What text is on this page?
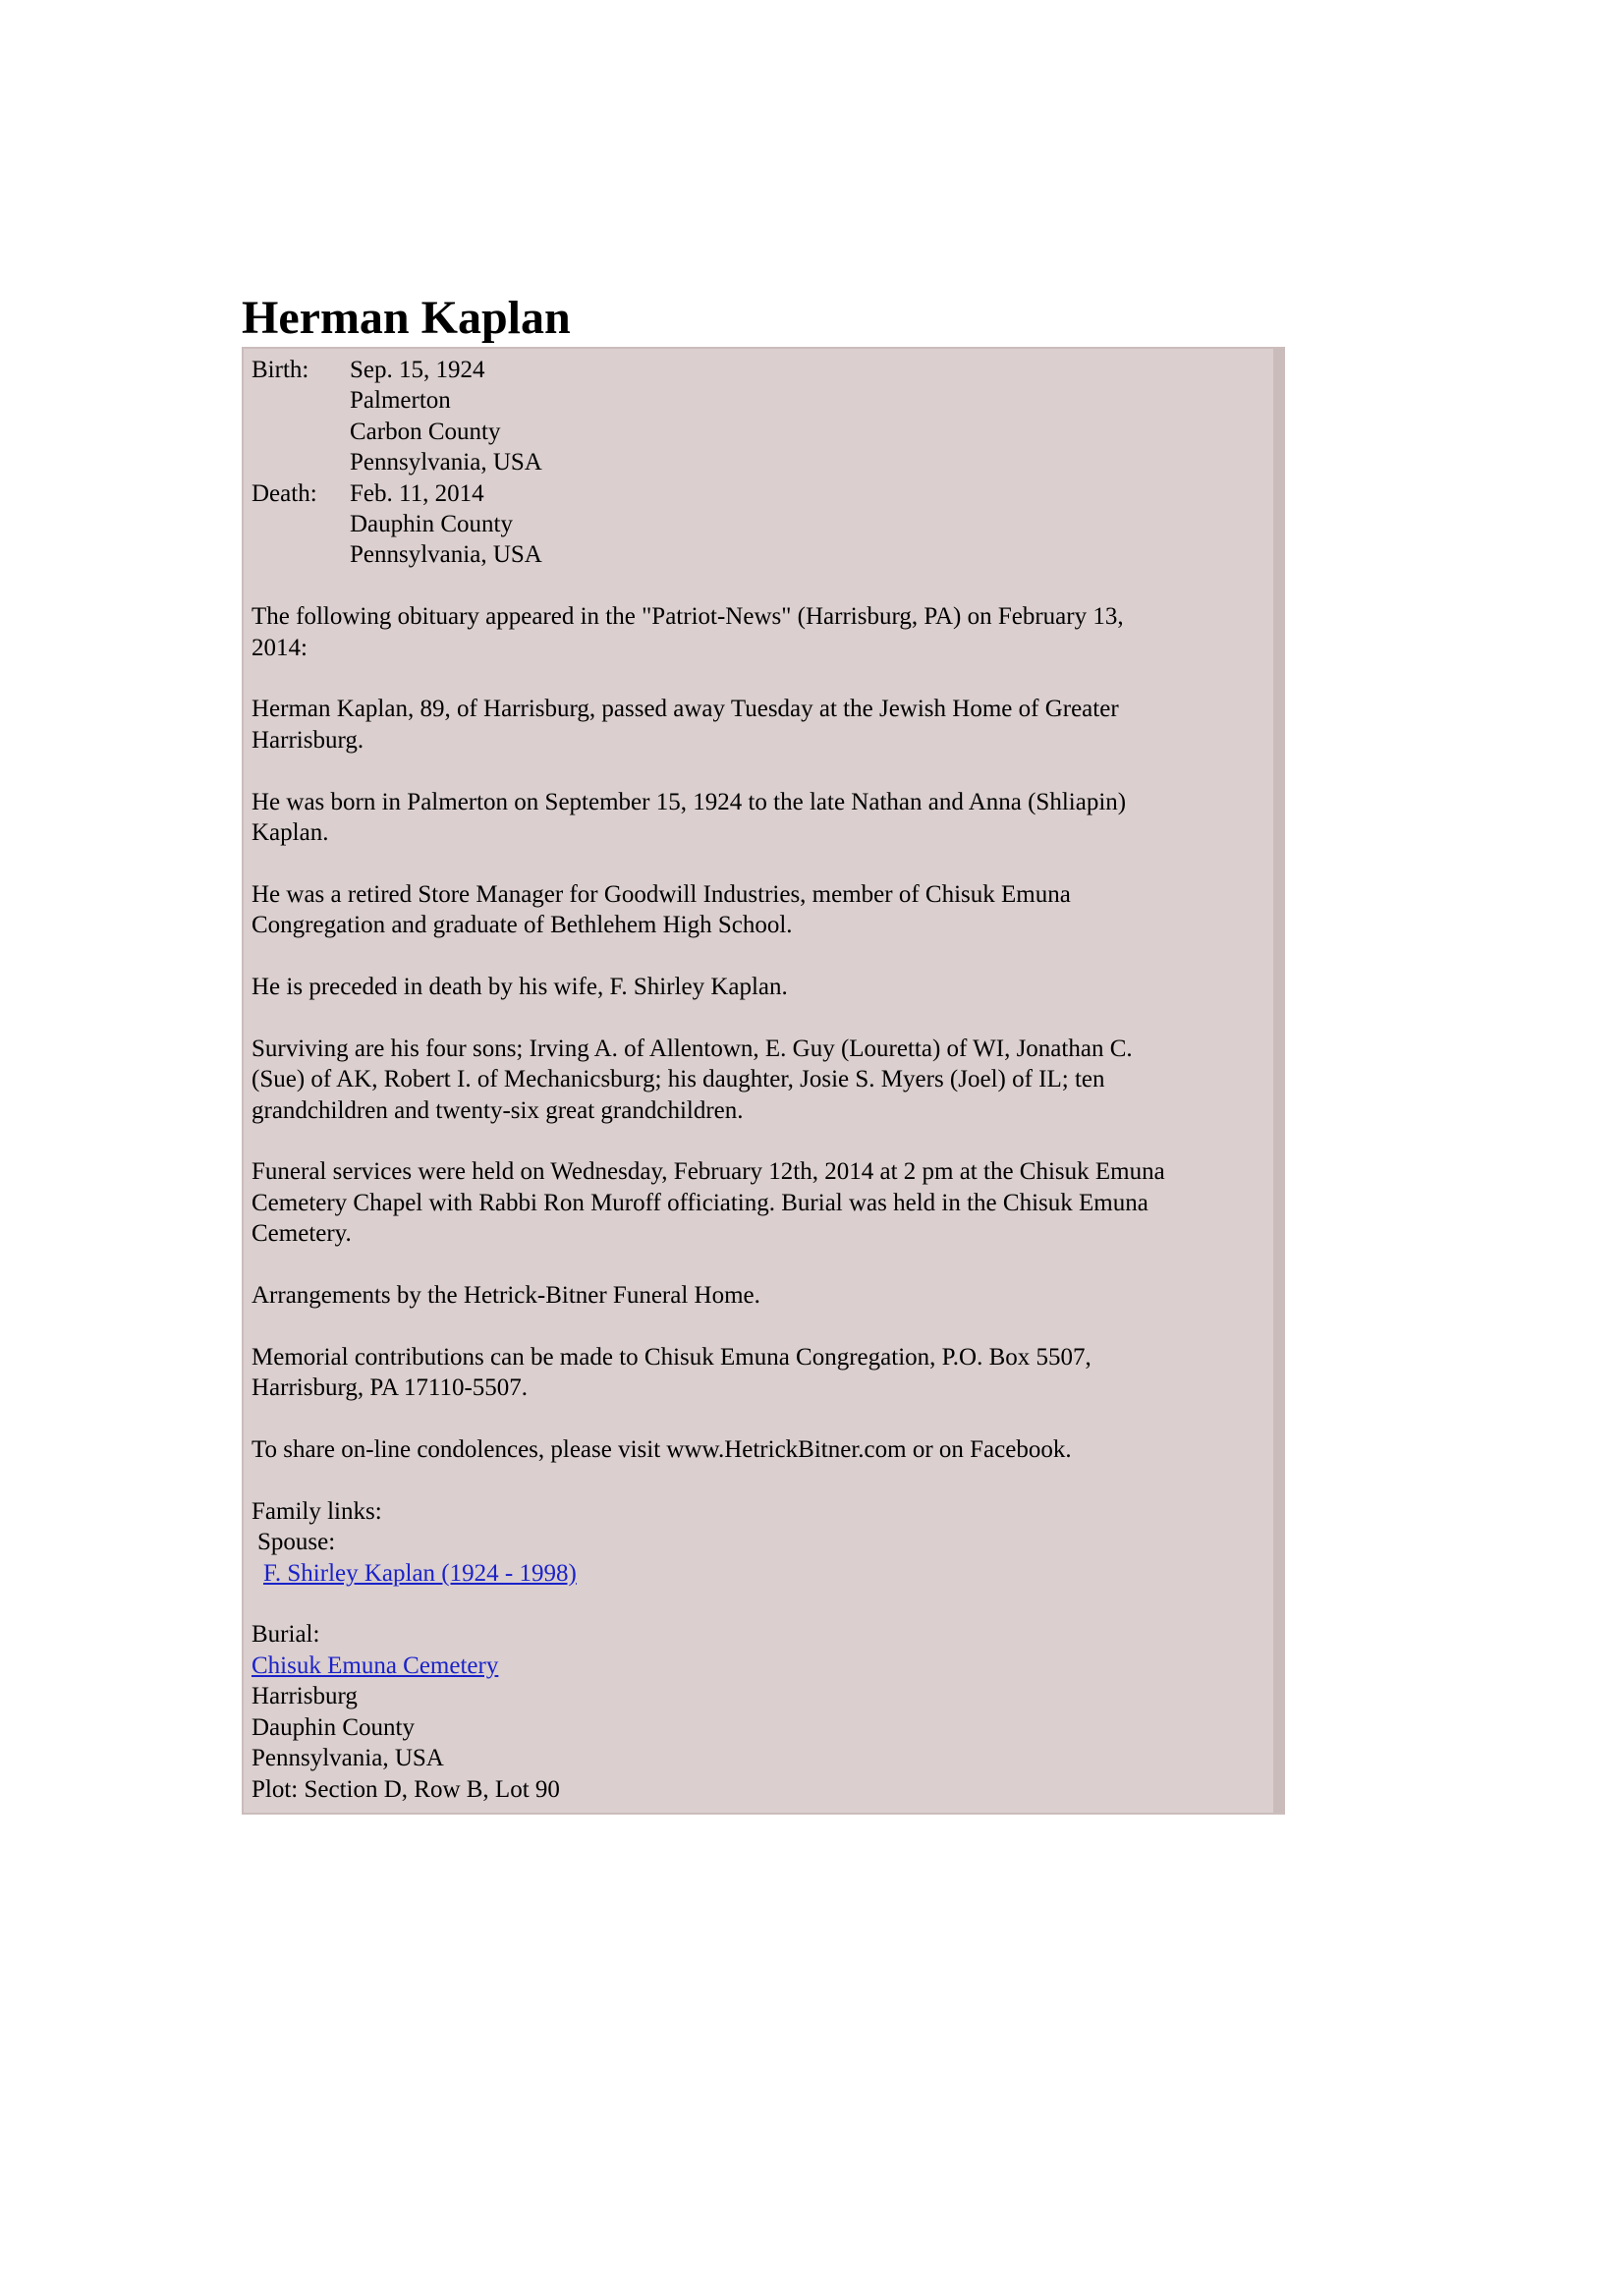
Herman Kaplan
Birth:	Sep. 15, 1924
Palmerton
Carbon County
Pennsylvania, USA
Death:	Feb. 11, 2014
Dauphin County
Pennsylvania, USA
The following obituary appeared in the "Patriot-News" (Harrisburg, PA) on February 13,
2014:
Herman Kaplan, 89, of Harrisburg, passed away Tuesday at the Jewish Home of Greater
Harrisburg.
He was born in Palmerton on September 15, 1924 to the late Nathan and Anna (Shliapin)
Kaplan.
He was a retired Store Manager for Goodwill Industries, member of Chisuk Emuna
Congregation and graduate of Bethlehem High School.
He is preceded in death by his wife, F. Shirley Kaplan.
Surviving are his four sons; Irving A. of Allentown, E. Guy (Louretta) of WI, Jonathan C.
(Sue) of AK, Robert I. of Mechanicsburg; his daughter, Josie S. Myers (Joel) of IL; ten
grandchildren and twenty-six great grandchildren.
Funeral services were held on Wednesday, February 12th, 2014 at 2 pm at the Chisuk Emuna
Cemetery Chapel with Rabbi Ron Muroff officiating. Burial was held in the Chisuk Emuna
Cemetery.
Arrangements by the Hetrick-Bitner Funeral Home.
Memorial contributions can be made to Chisuk Emuna Congregation, P.O. Box 5507,
Harrisburg, PA 17110-5507.
To share on-line condolences, please visit www.HetrickBitner.com or on Facebook.
Family links:
Spouse:
F. Shirley Kaplan (1924 - 1998)
Burial:
Chisuk Emuna Cemetery
Harrisburg
Dauphin County
Pennsylvania, USA
Plot: Section D, Row B, Lot 90
